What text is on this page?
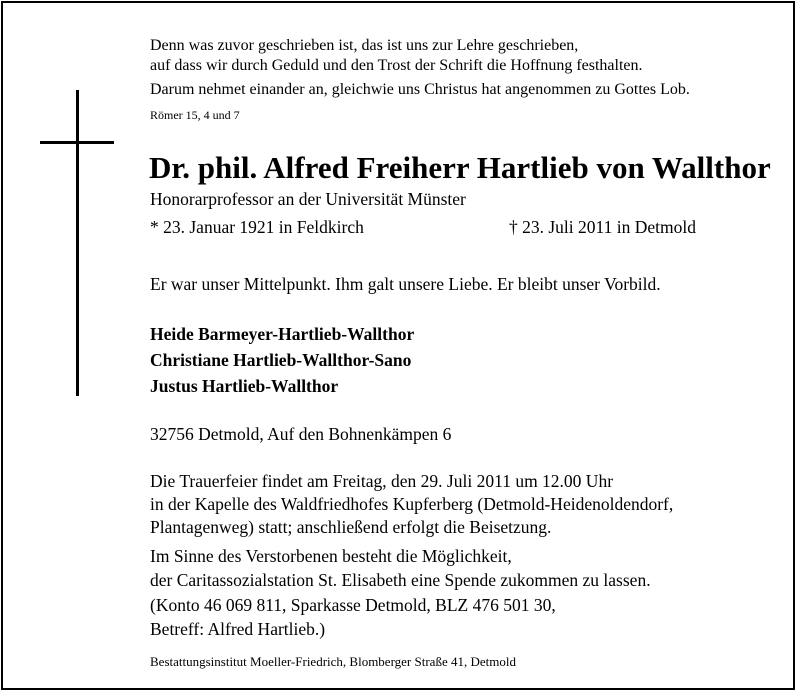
Denn was zuvor geschrieben ist, das ist uns zur Lehre geschrieben,
auf dass wir durch Geduld und den Trost der Schrift die Hoffnung festhalten.
Darum nehmet einander an, gleichwie uns Christus hat angenommen zu Gottes Lob.
Römer 15, 4 und 7
Dr. phil. Alfred Freiherr Hartlieb von Wallthor
Honorarprofessor an der Universität Münster
* 23. Januar 1921 in Feldkirch	† 23. Juli 2011 in Detmold
Er war unser Mittelpunkt. Ihm galt unsere Liebe. Er bleibt unser Vorbild.
Heide Barmeyer-Hartlieb-Wallthor
Christiane Hartlieb-Wallthor-Sano
Justus Hartlieb-Wallthor
32756 Detmold, Auf den Bohnenkämpen 6
Die Trauerfeier findet am Freitag, den 29. Juli 2011 um 12.00 Uhr
in der Kapelle des Waldfriedhofes Kupferberg (Detmold-Heidenoldendorf,
Plantagenweg) statt; anschließend erfolgt die Beisetzung.
Im Sinne des Verstorbenen besteht die Möglichkeit,
der Caritassozialstation St. Elisabeth eine Spende zukommen zu lassen.
(Konto 46 069 811, Sparkasse Detmold, BLZ 476 501 30,
Betreff: Alfred Hartlieb.)
Bestattungsinstitut Moeller-Friedrich, Blomberger Straße 41, Detmold
